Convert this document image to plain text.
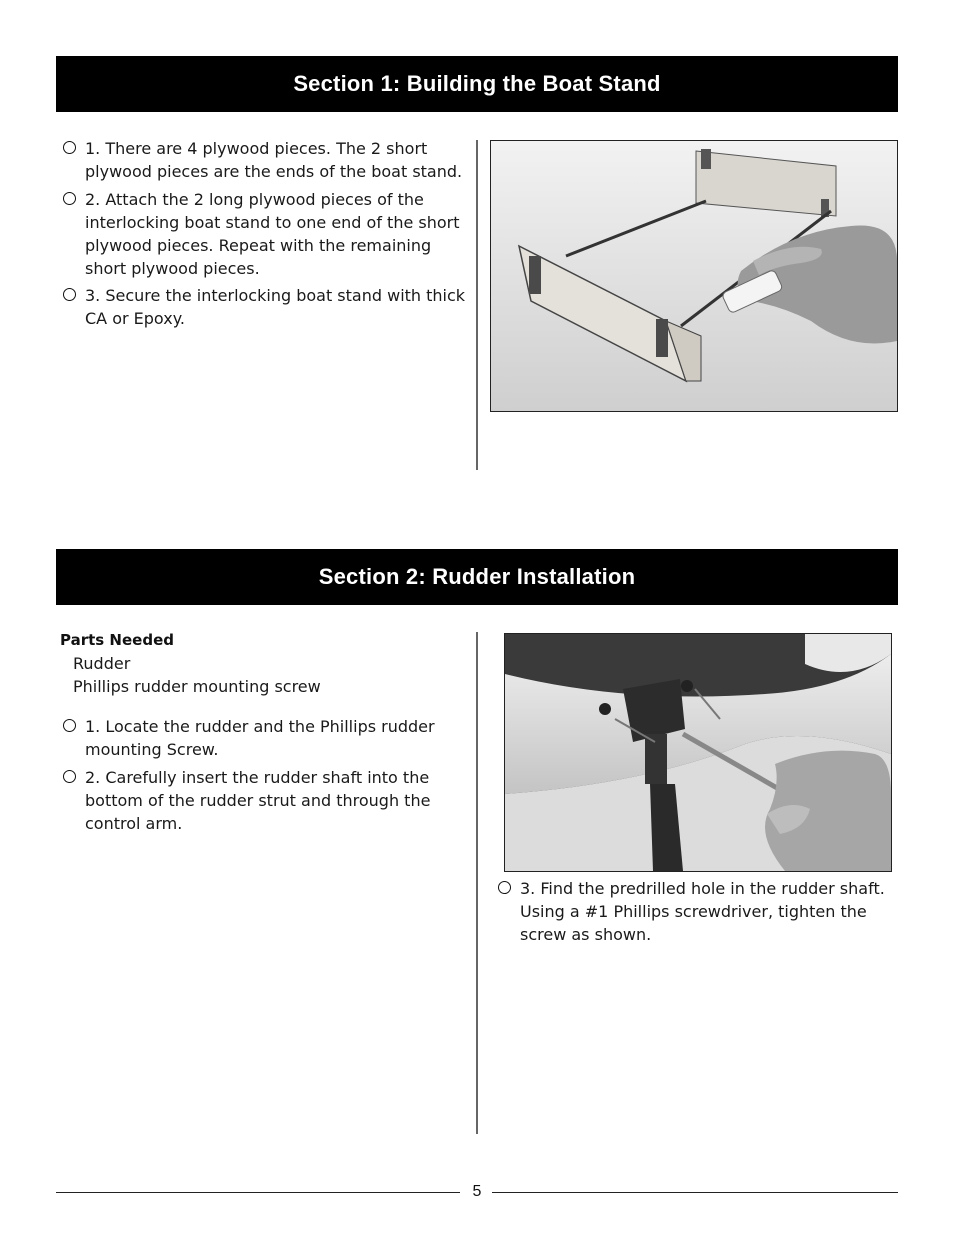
Section 1: Building the Boat Stand
1. There are 4 plywood pieces. The 2 short plywood pieces are the ends of the boat stand.
2. Attach the 2 long plywood pieces of the interlocking boat stand to one end of the short plywood pieces. Repeat with the remaining short plywood pieces.
3. Secure the interlocking boat stand with thick CA or Epoxy.
Section 2: Rudder Installation
Parts Needed
Rudder
Phillips rudder mounting screw
1. Locate the rudder and the Phillips rudder mounting Screw.
2. Carefully insert the rudder shaft into the bottom of the rudder strut and through the control arm.
3. Find the predrilled hole in the rudder shaft. Using a #1 Phillips screwdriver, tighten the screw as shown.
5
